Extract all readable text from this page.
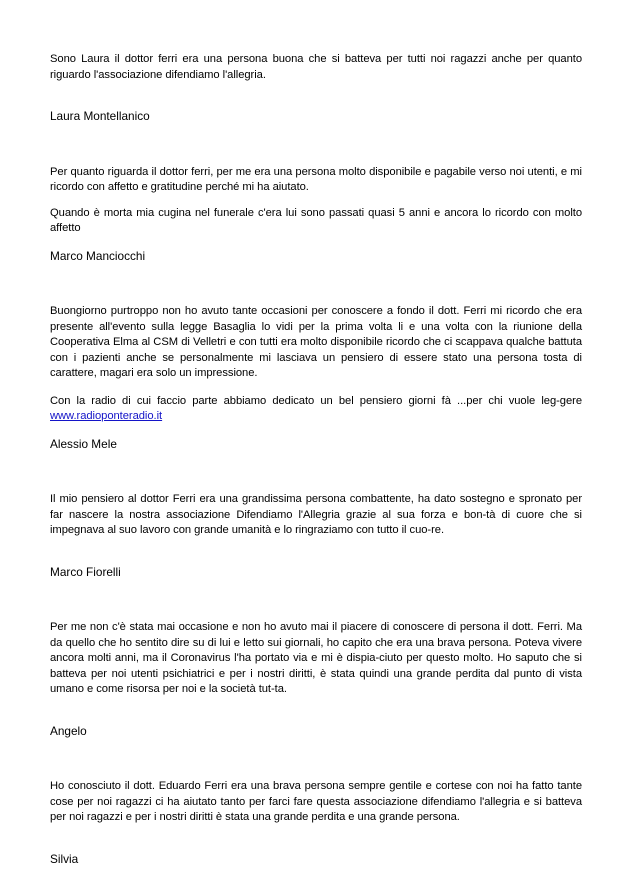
Sono Laura il dottor ferri era una persona buona che si batteva per tutti noi ragazzi anche per quanto riguardo l'associazione difendiamo l'allegria.

Laura Montellanico

Per quanto riguarda il dottor ferri, per me era una persona molto disponibile e pagabile verso noi utenti, e mi ricordo con affetto e gratitudine perché mi ha aiutato.

Quando è morta mia cugina nel funerale c'era lui sono passati quasi 5 anni e ancora lo ricordo con molto affetto

Marco Manciocchi

Buongiorno purtroppo non ho avuto tante occasioni per conoscere a fondo il dott. Ferri mi ricordo che era presente all'evento sulla legge Basaglia lo vidi per la prima volta li e una volta con la riunione della Cooperativa Elma al CSM di Velletri e con tutti era molto disponibile ricordo che ci scappava qualche battuta con i pazienti anche se personalmente mi lasciava un pensiero di essere stato una persona tosta di carattere, magari era solo un impressione.

Con la radio di cui faccio parte abbiamo dedicato un bel pensiero giorni fà ...per chi vuole leg-gere www.radioponteradio.it

Alessio Mele

Il mio pensiero al dottor Ferri era una grandissima persona combattente, ha dato sostegno e spronato per far nascere la nostra associazione Difendiamo l'Allegria grazie al sua forza e bon-tà di cuore che si impegnava al suo lavoro con grande umanità e lo ringraziamo con tutto il cuo-re.

Marco Fiorelli

Per me non c'è stata mai occasione e non ho avuto mai il piacere di conoscere di persona il dott. Ferri. Ma da quello che ho sentito dire su di lui e letto sui giornali, ho capito che era una brava persona. Poteva vivere ancora molti anni, ma il Coronavirus l'ha portato via e mi è dispia-ciuto per questo molto. Ho saputo che si batteva per noi utenti psichiatrici e per i nostri diritti, è stata quindi una grande perdita dal punto di vista umano e come risorsa per noi e la società tut-ta.

Angelo

Ho conosciuto il dott. Eduardo Ferri era una brava persona sempre gentile e cortese con noi ha fatto tante cose per noi ragazzi ci ha aiutato tanto per farci fare questa associazione difendiamo l'allegria e si batteva per noi ragazzi e per i nostri diritti è stata una grande perdita e una grande persona.

Silvia
